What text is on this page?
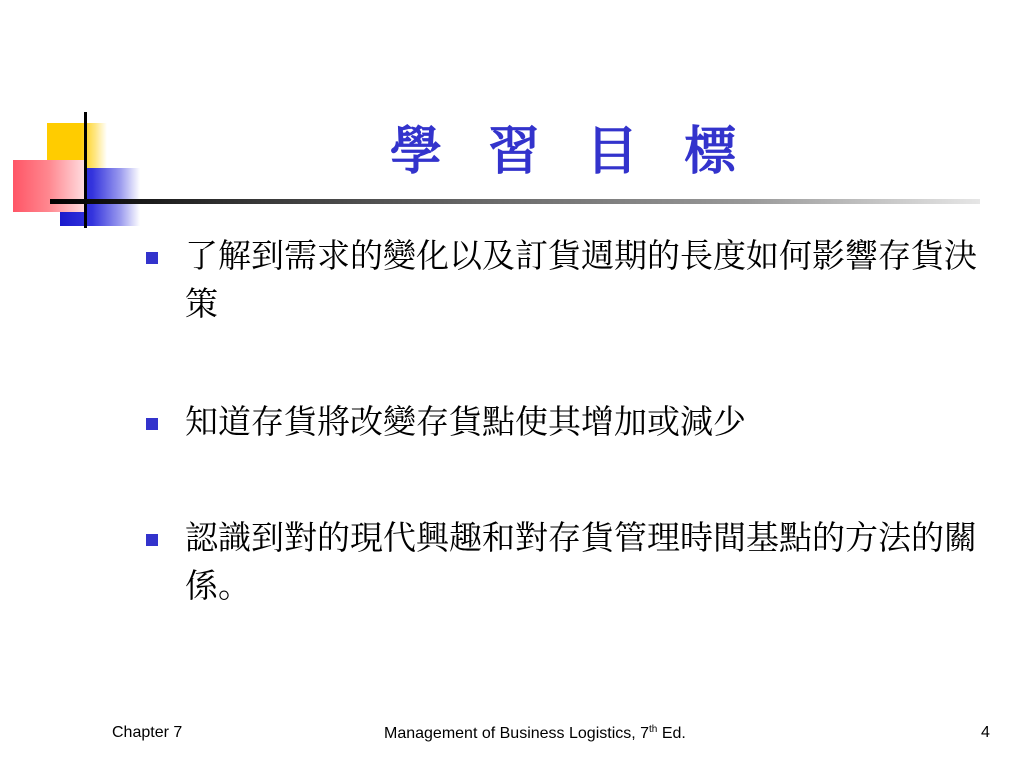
學 習 目 標
了解到需求的變化以及訂貨週期的長度如何影響存貨決策
知道存貨將改變存貨點使其增加或減少
認識到對的現代興趣和對存貨管理時間基點的方法的關係。
Chapter 7	Management of Business Logistics, 7th Ed.	4
